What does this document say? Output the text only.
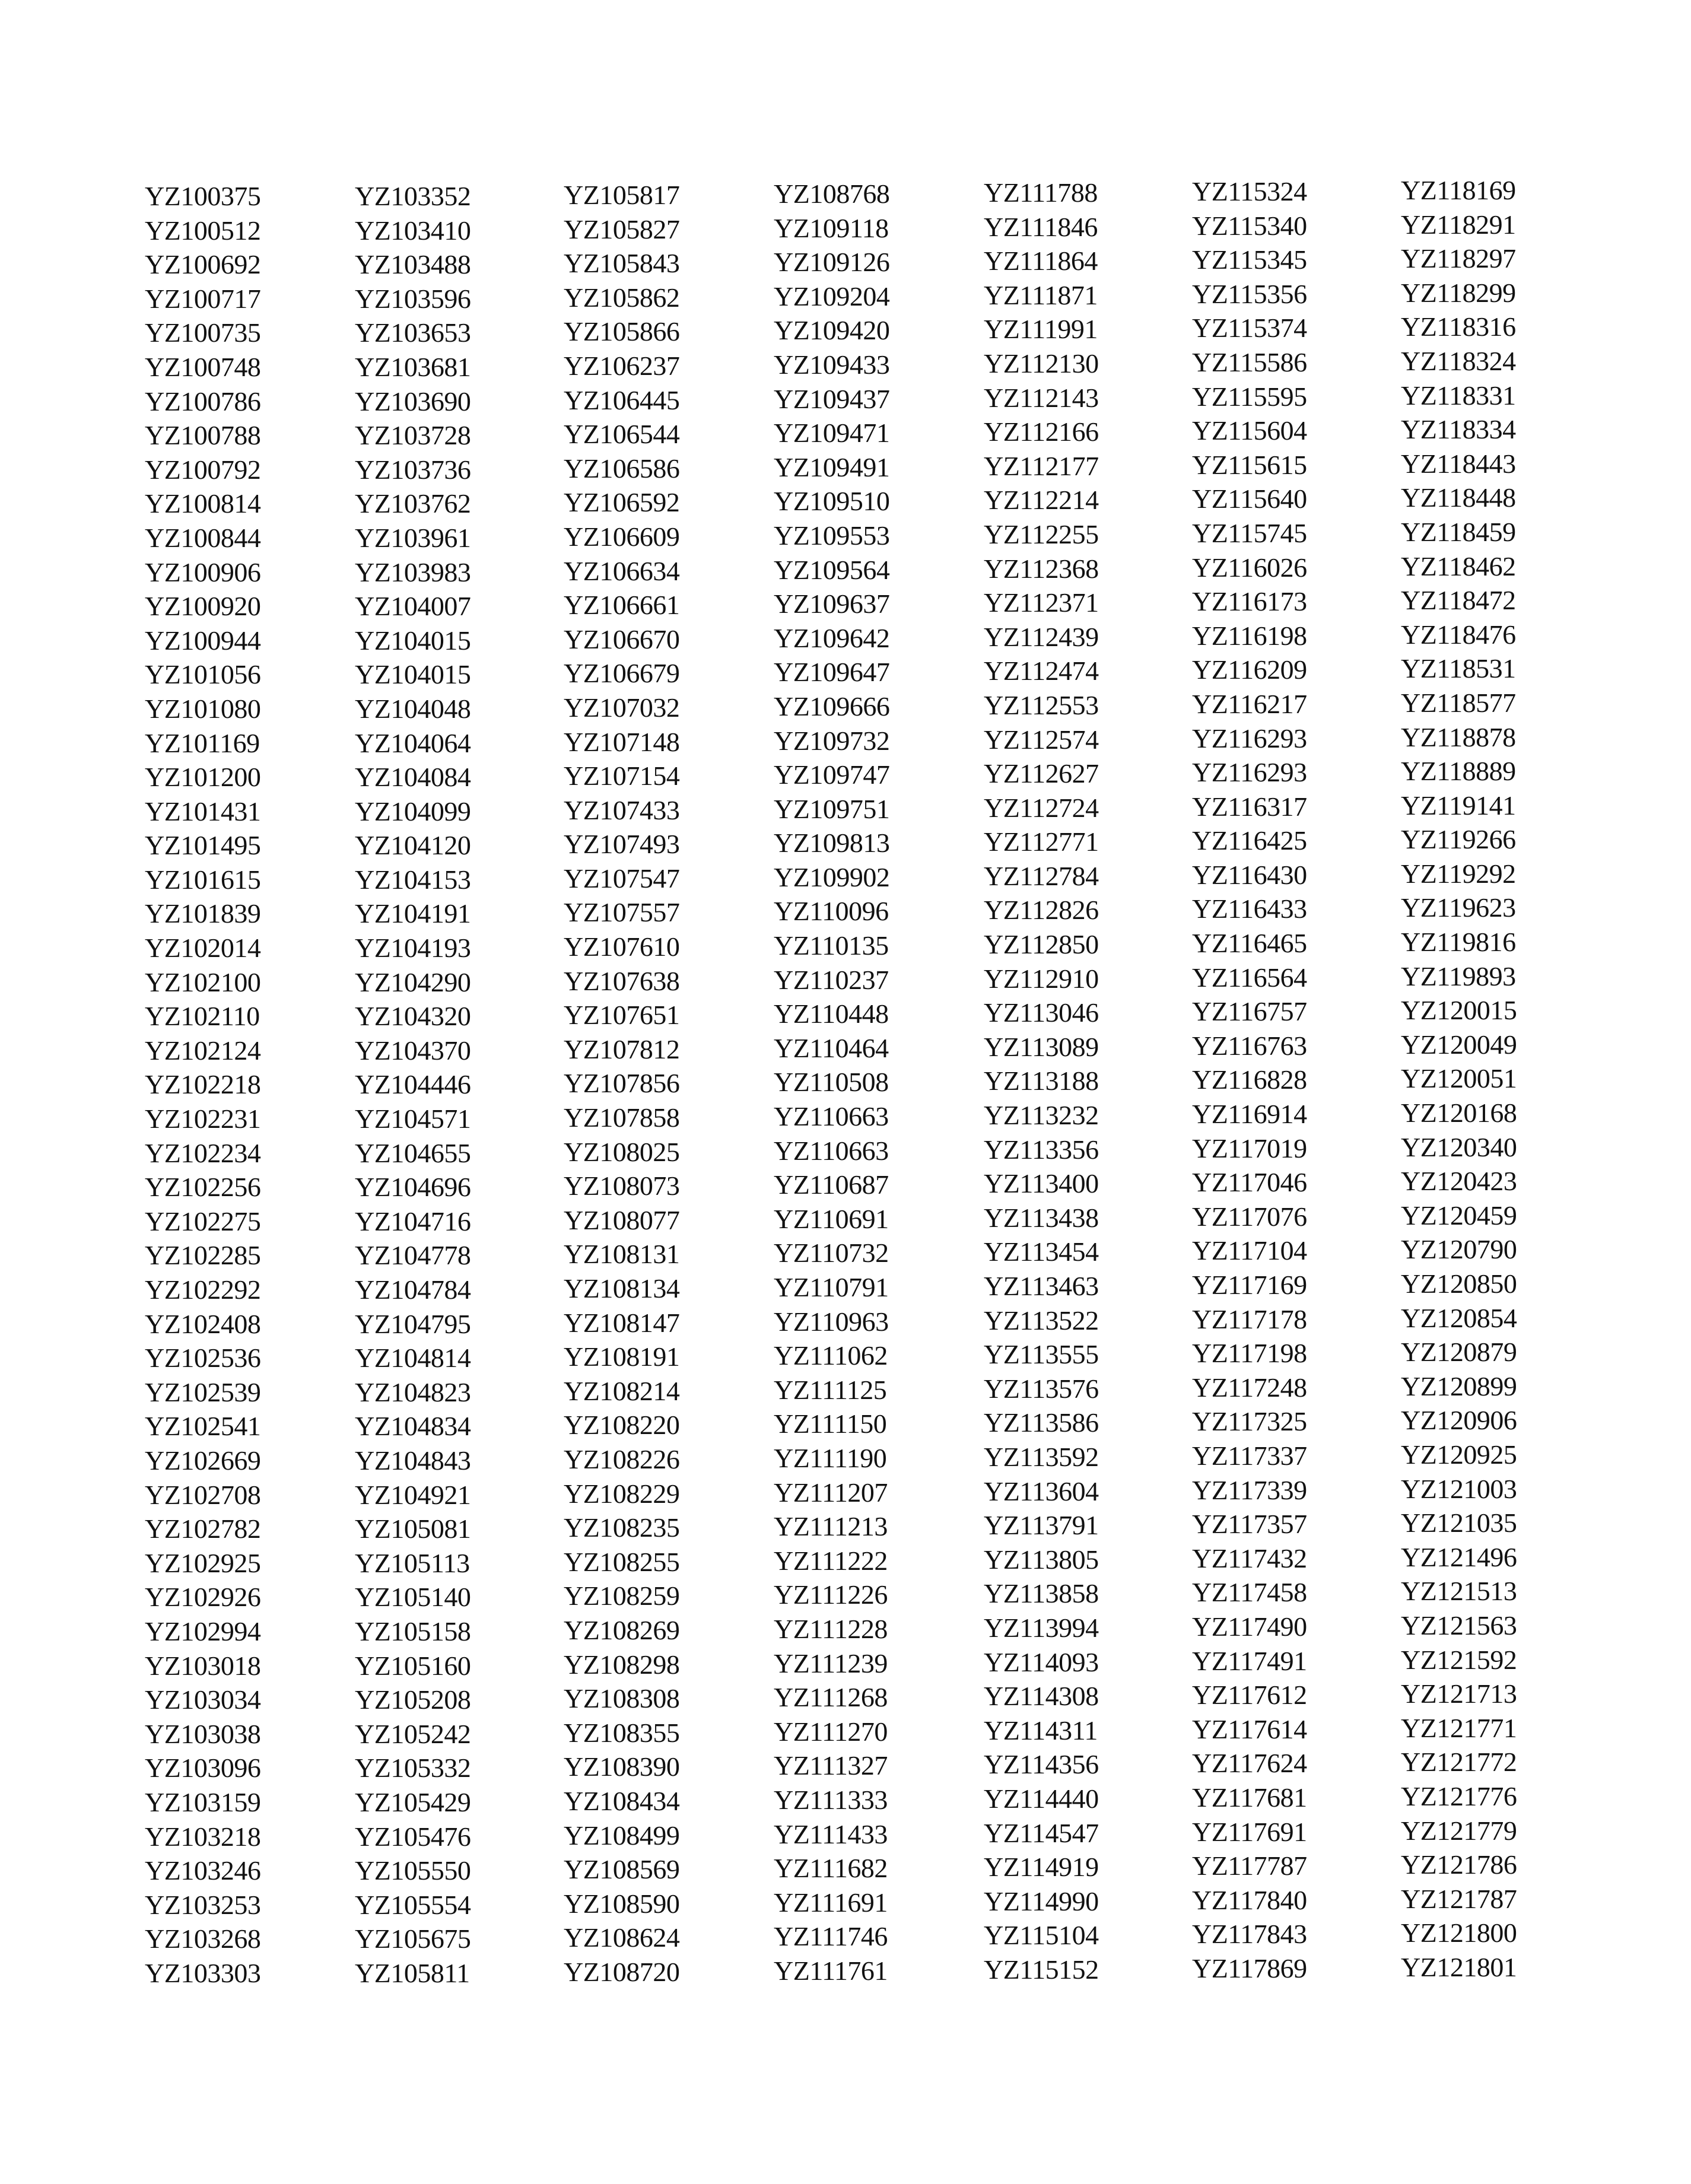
YZ100375
YZ100512
YZ100692
YZ100717
YZ100735
YZ100748
YZ100786
YZ100788
YZ100792
YZ100814
YZ100844
YZ100906
YZ100920
YZ100944
YZ101056
YZ101080
YZ101169
YZ101200
YZ101431
YZ101495
YZ101615
YZ101839
YZ102014
YZ102100
YZ102110
YZ102124
YZ102218
YZ102231
YZ102234
YZ102256
YZ102275
YZ102285
YZ102292
YZ102408
YZ102536
YZ102539
YZ102541
YZ102669
YZ102708
YZ102782
YZ102925
YZ102926
YZ102994
YZ103018
YZ103034
YZ103038
YZ103096
YZ103159
YZ103218
YZ103246
YZ103253
YZ103268
YZ103303
YZ103352
YZ103410
YZ103488
YZ103596
YZ103653
YZ103681
YZ103690
YZ103728
YZ103736
YZ103762
YZ103961
YZ103983
YZ104007
YZ104015
YZ104015
YZ104048
YZ104064
YZ104084
YZ104099
YZ104120
YZ104153
YZ104191
YZ104193
YZ104290
YZ104320
YZ104370
YZ104446
YZ104571
YZ104655
YZ104696
YZ104716
YZ104778
YZ104784
YZ104795
YZ104814
YZ104823
YZ104834
YZ104843
YZ104921
YZ105081
YZ105113
YZ105140
YZ105158
YZ105160
YZ105208
YZ105242
YZ105332
YZ105429
YZ105476
YZ105550
YZ105554
YZ105675
YZ105811
YZ105817
YZ105827
YZ105843
YZ105862
YZ105866
YZ106237
YZ106445
YZ106544
YZ106586
YZ106592
YZ106609
YZ106634
YZ106661
YZ106670
YZ106679
YZ107032
YZ107148
YZ107154
YZ107433
YZ107493
YZ107547
YZ107557
YZ107610
YZ107638
YZ107651
YZ107812
YZ107856
YZ107858
YZ108025
YZ108073
YZ108077
YZ108131
YZ108134
YZ108147
YZ108191
YZ108214
YZ108220
YZ108226
YZ108229
YZ108235
YZ108255
YZ108259
YZ108269
YZ108298
YZ108308
YZ108355
YZ108390
YZ108434
YZ108499
YZ108569
YZ108590
YZ108624
YZ108720
YZ108768
YZ109118
YZ109126
YZ109204
YZ109420
YZ109433
YZ109437
YZ109471
YZ109491
YZ109510
YZ109553
YZ109564
YZ109637
YZ109642
YZ109647
YZ109666
YZ109732
YZ109747
YZ109751
YZ109813
YZ109902
YZ110096
YZ110135
YZ110237
YZ110448
YZ110464
YZ110508
YZ110663
YZ110663
YZ110687
YZ110691
YZ110732
YZ110791
YZ110963
YZ111062
YZ111125
YZ111150
YZ111190
YZ111207
YZ111213
YZ111222
YZ111226
YZ111228
YZ111239
YZ111268
YZ111270
YZ111327
YZ111333
YZ111433
YZ111682
YZ111691
YZ111746
YZ111761
YZ111788
YZ111846
YZ111864
YZ111871
YZ111991
YZ112130
YZ112143
YZ112166
YZ112177
YZ112214
YZ112255
YZ112368
YZ112371
YZ112439
YZ112474
YZ112553
YZ112574
YZ112627
YZ112724
YZ112771
YZ112784
YZ112826
YZ112850
YZ112910
YZ113046
YZ113089
YZ113188
YZ113232
YZ113356
YZ113400
YZ113438
YZ113454
YZ113463
YZ113522
YZ113555
YZ113576
YZ113586
YZ113592
YZ113604
YZ113791
YZ113805
YZ113858
YZ113994
YZ114093
YZ114308
YZ114311
YZ114356
YZ114440
YZ114547
YZ114919
YZ114990
YZ115104
YZ115152
YZ115324
YZ115340
YZ115345
YZ115356
YZ115374
YZ115586
YZ115595
YZ115604
YZ115615
YZ115640
YZ115745
YZ116026
YZ116173
YZ116198
YZ116209
YZ116217
YZ116293
YZ116293
YZ116317
YZ116425
YZ116430
YZ116433
YZ116465
YZ116564
YZ116757
YZ116763
YZ116828
YZ116914
YZ117019
YZ117046
YZ117076
YZ117104
YZ117169
YZ117178
YZ117198
YZ117248
YZ117325
YZ117337
YZ117339
YZ117357
YZ117432
YZ117458
YZ117490
YZ117491
YZ117612
YZ117614
YZ117624
YZ117681
YZ117691
YZ117787
YZ117840
YZ117843
YZ117869
YZ118169
YZ118291
YZ118297
YZ118299
YZ118316
YZ118324
YZ118331
YZ118334
YZ118443
YZ118448
YZ118459
YZ118462
YZ118472
YZ118476
YZ118531
YZ118577
YZ118878
YZ118889
YZ119141
YZ119266
YZ119292
YZ119623
YZ119816
YZ119893
YZ120015
YZ120049
YZ120051
YZ120168
YZ120340
YZ120423
YZ120459
YZ120790
YZ120850
YZ120854
YZ120879
YZ120899
YZ120906
YZ120925
YZ121003
YZ121035
YZ121496
YZ121513
YZ121563
YZ121592
YZ121713
YZ121771
YZ121772
YZ121776
YZ121779
YZ121786
YZ121787
YZ121800
YZ121801
